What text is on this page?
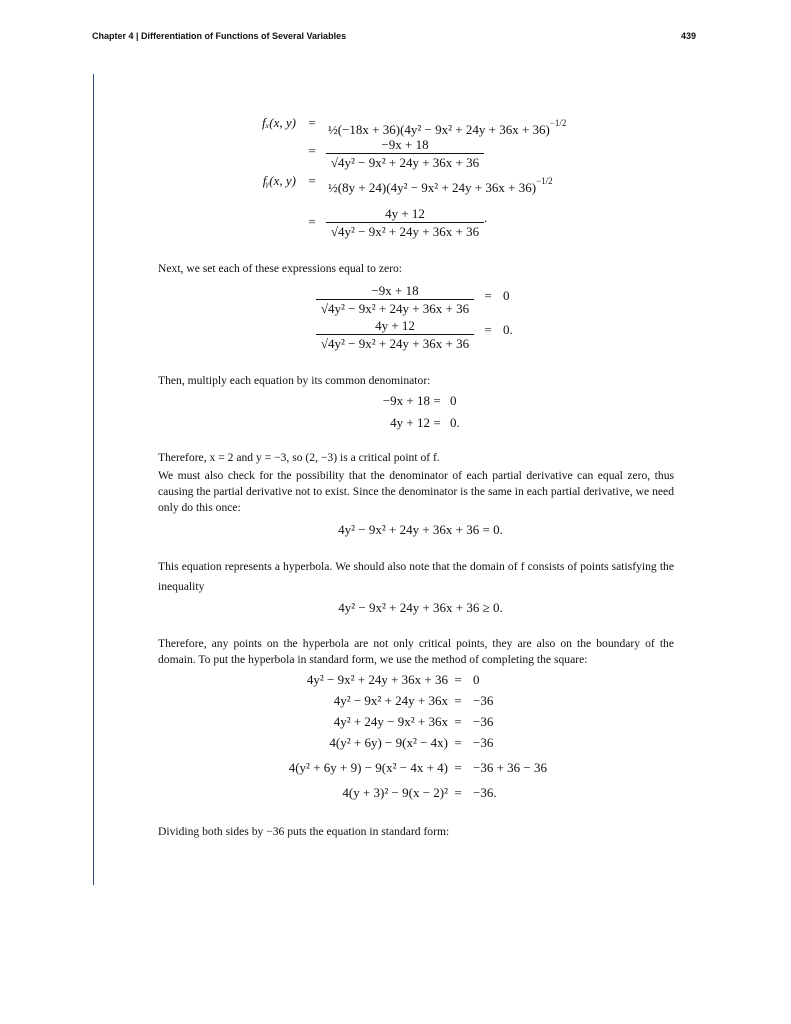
Chapter 4 | Differentiation of Functions of Several Variables	439
fₓ(x, y) = ½(−18x + $36)(4y^2 - 9x^2 + 24y + 36x + 36)^{-1/2}$
= $\frac{-9x + 18}{\text{√4y² − 9x² + 24y + 36x + 36}}$
fᵧ(x, y) = ½(8y + $24)(4y^2 - 9x^2 + 24y + 36x + 36)^{-1/2}$
= $\frac{4y + 12}{\text{√4y² − 9x² + 24y + 36x + 36}}$ .
Next, we set each of these expressions equal to zero:
$\frac{-9x + 18}{\text{√4y² − 9x² + 24y + 36x + 36}} = 0$
$\frac{4y + 12}{\text{√4y² − 9x² + 24y + 36x + 36}} = 0$.
Then, multiply each equation by its common denominator:
−9x + 18 = 0
4y + 12 = 0.
Therefore, x = 2 and y = −3, so (2, −3) is a critical point of f.
We must also check for the possibility that the denominator of each partial derivative can equal zero, thus causing the partial derivative not to exist. Since the denominator is the same in each partial derivative, we need only do this once:
4y² − 9x² + 24y + 36x + 36 = 0.
This equation represents a hyperbola. We should also note that the domain of f consists of points satisfying the inequality
4y² − 9x² + 24y + 36x + 36 ≥ 0.
Therefore, any points on the hyperbola are not only critical points, they are also on the boundary of the domain. To put the hyperbola in standard form, we use the method of completing the square:
4y² − 9x² + 24y + 36x + 36 = 0
4y² − 9x² + 24y + 36x = −36
4y² + 24y − 9x² + 36x = −36
4(y² + 6y) − 9(x² − 4x) = −36
4(y² + 6y + 9) − 9(x² − 4x + 4) = −36 + 36 − 36
4(y + 3)² − 9(x − 2)² = −36.
Dividing both sides by −36 puts the equation in standard form:
